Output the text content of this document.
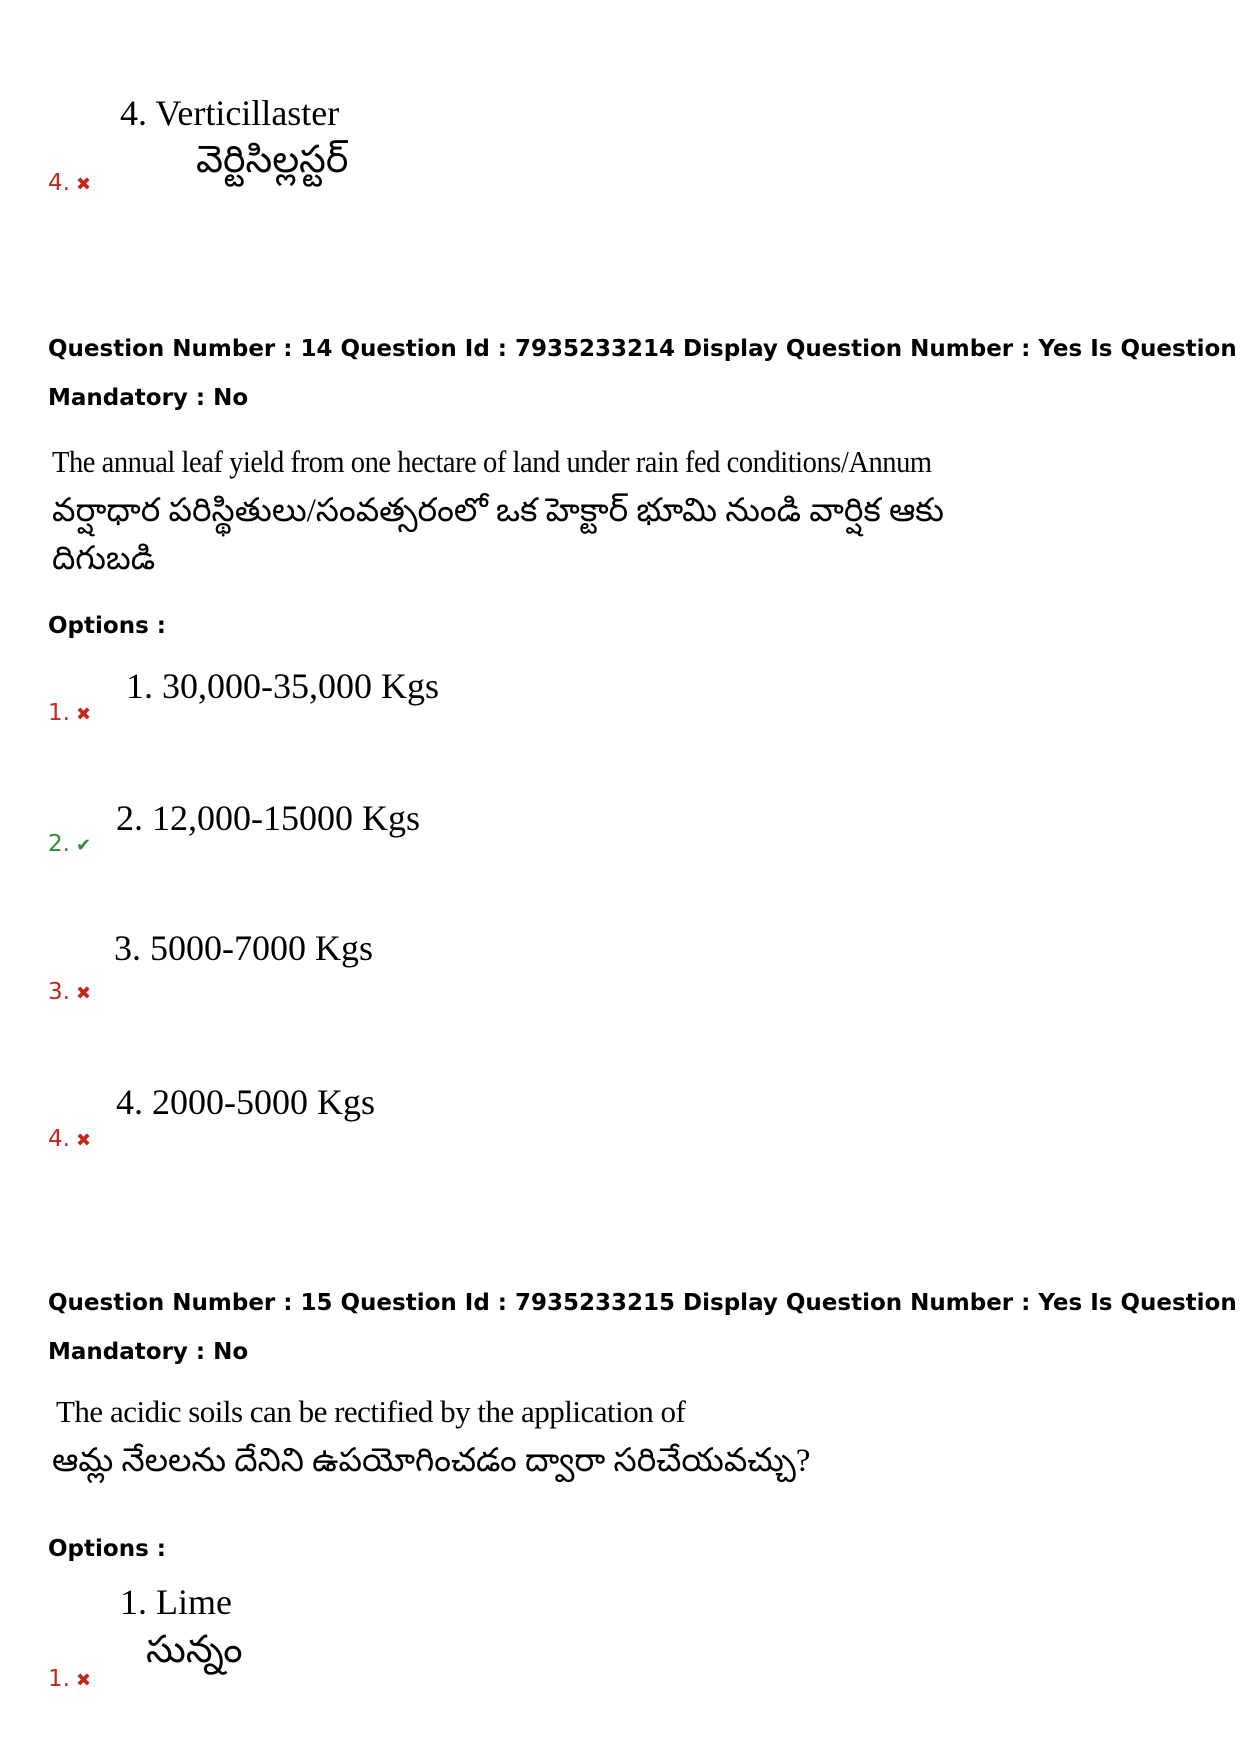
4. Verticillaster
వెర్టిసిల్లస్టర్
4. ✖
Question Number : 14 Question Id : 7935233214 Display Question Number : Yes Is Question
Mandatory : No
The annual leaf yield from one hectare of land under rain fed conditions/Annum
వర్షాధార పరిస్థితులు/సంవత్సరంలో ఒక హెక్టార్ భూమి నుండి వార్షిక ఆకు
దిగుబడి
Options :
1. 30,000-35,000 Kgs
1. ✖
2. 12,000-15000 Kgs
2. ✔
3. 5000-7000 Kgs
3. ✖
4. 2000-5000 Kgs
4. ✖
Question Number : 15 Question Id : 7935233215 Display Question Number : Yes Is Question
Mandatory : No
The acidic soils can be rectified by the application of
ఆమ్ల నేలలను దేనిని ఉపయోగించడం ద్వారా సరిచేయవచ్చు?
Options :
1. Lime
సున్నం
1. ✖
